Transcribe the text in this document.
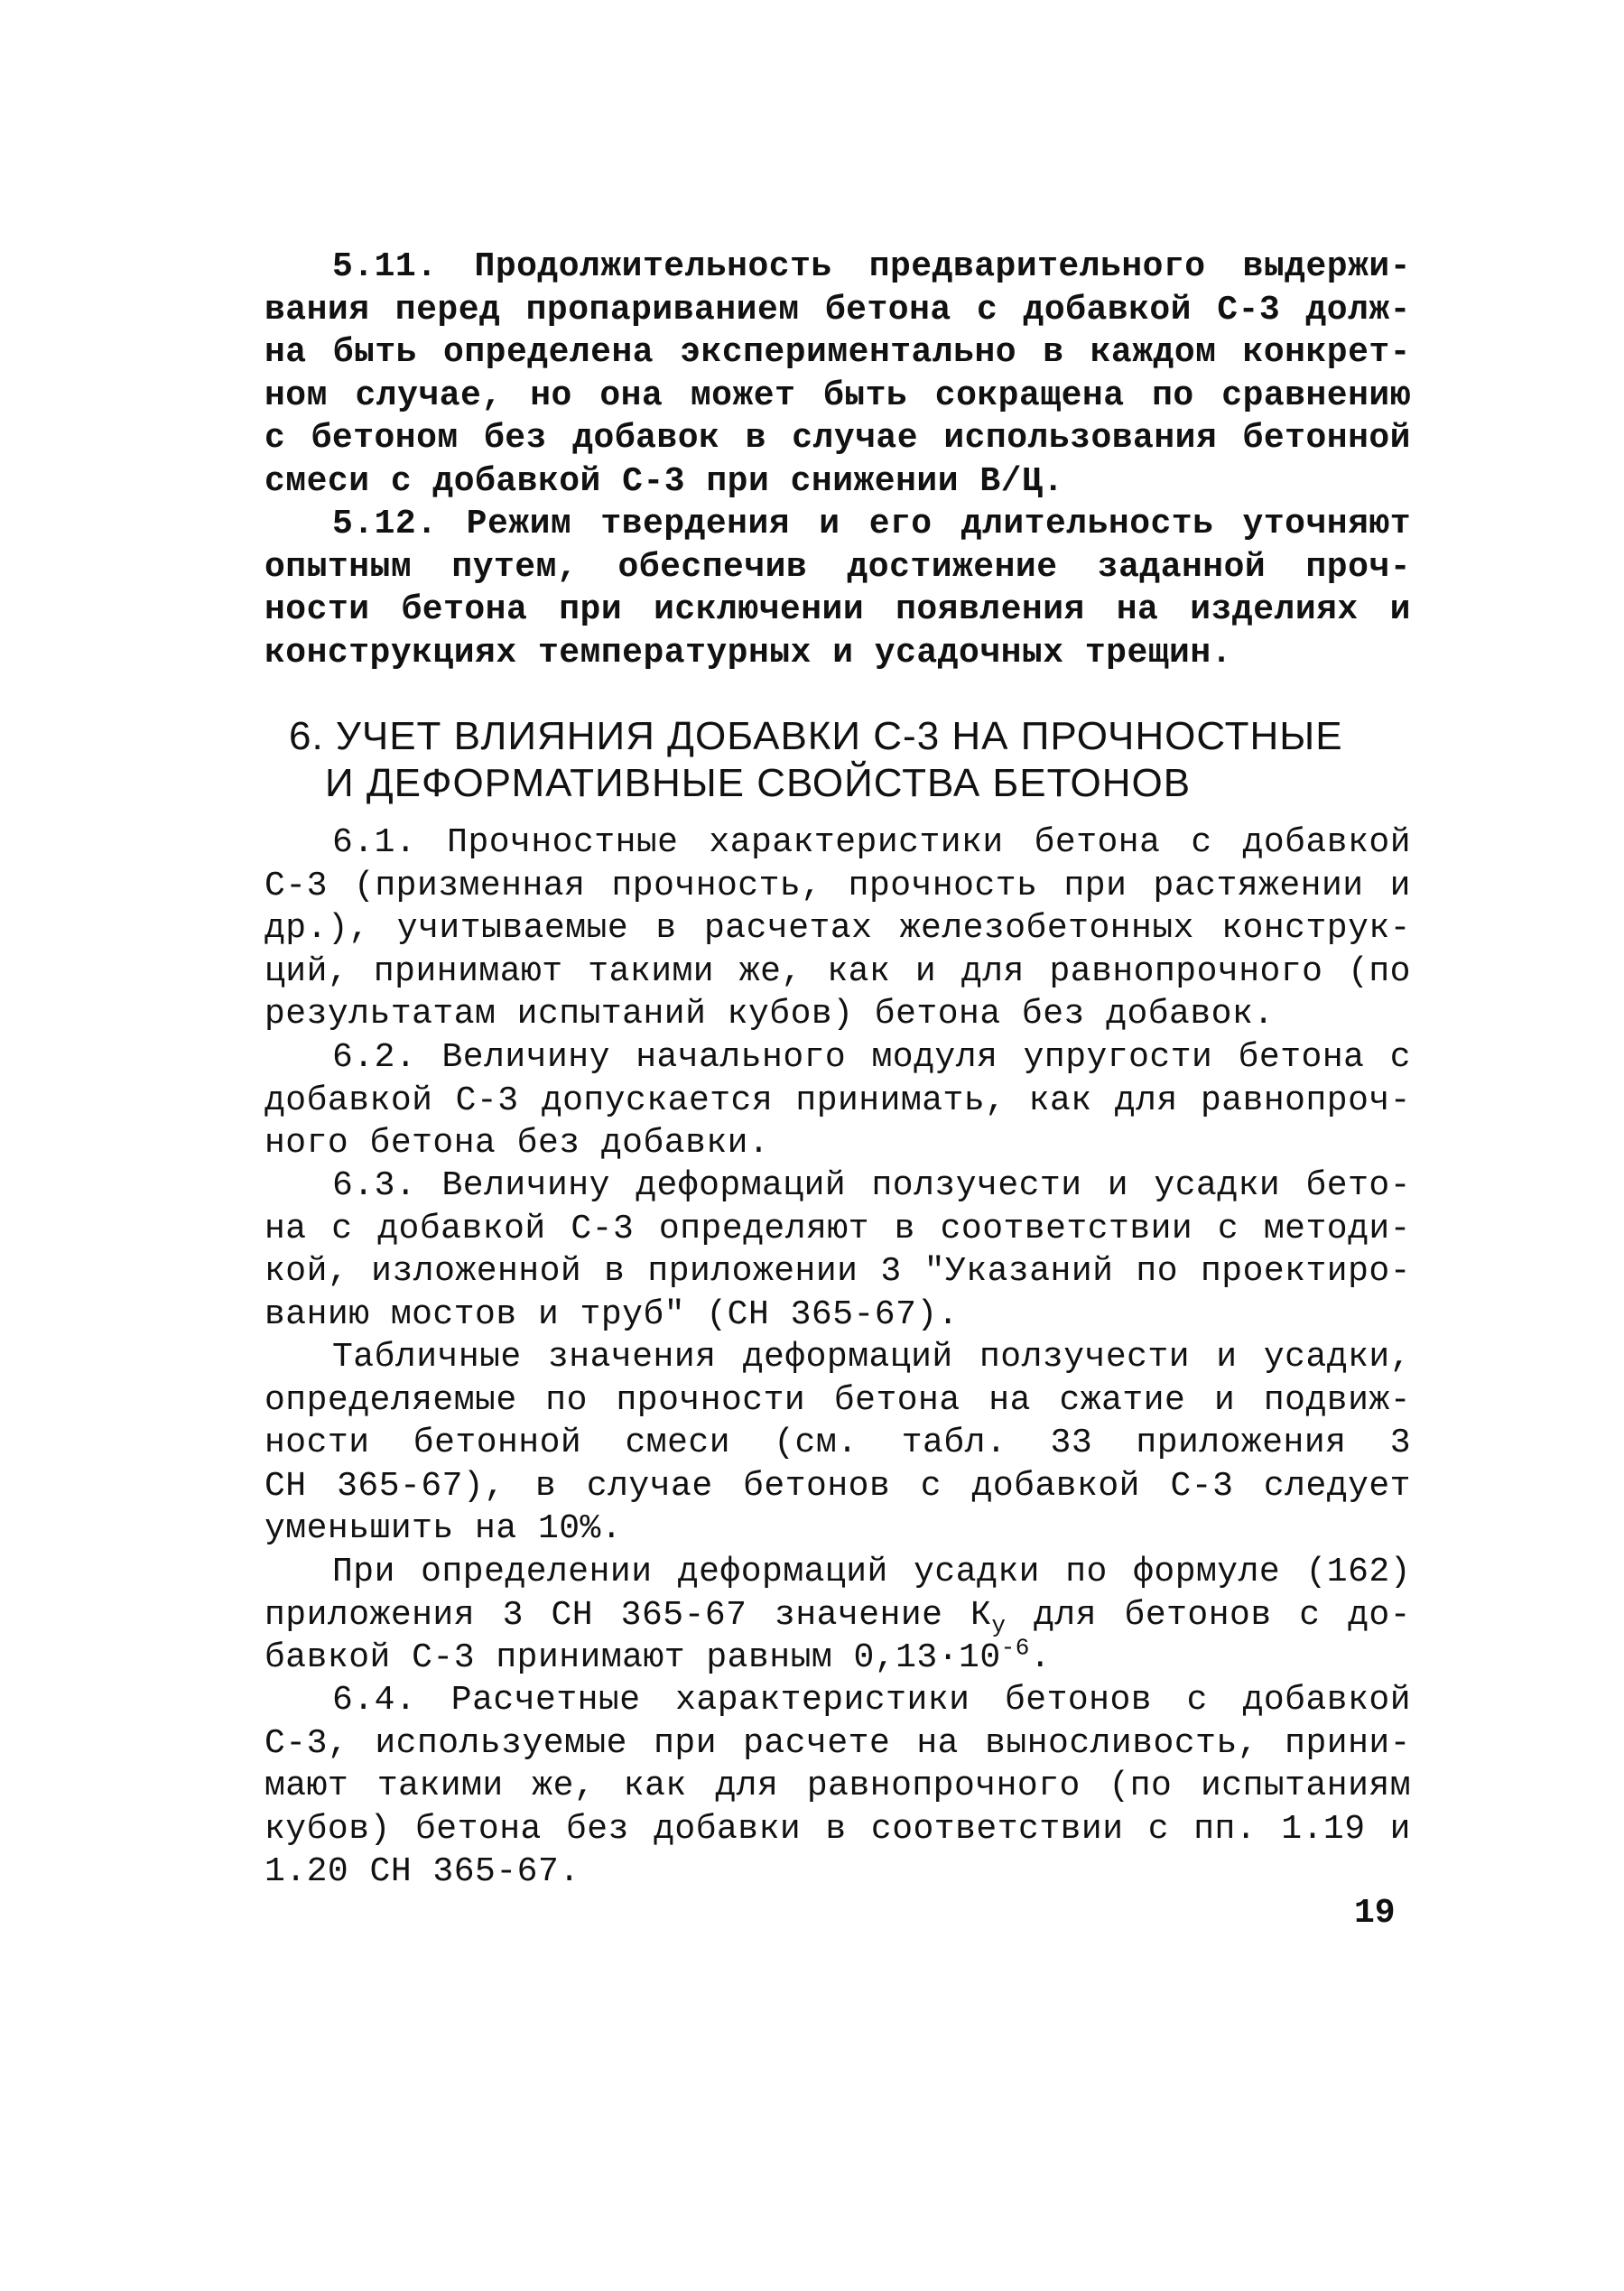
5.11. Продолжительность предварительного выдержи-
вания перед пропариванием бетона с добавкой С-3 долж-
на быть определена экспериментально в каждом конкрет-
ном случае, но она может быть сокращена по сравнению
с бетоном без добавок в случае использования бетонной
смеси с добавкой С-3 при снижении В/Ц.
5.12. Режим твердения и его длительность уточняют
опытным путем, обеспечив достижение заданной проч-
ности бетона при исключении появления на изделиях и
конструкциях температурных и усадочных трещин.
6. УЧЕТ ВЛИЯНИЯ ДОБАВКИ С-3 НА ПРОЧНОСТНЫЕ
И ДЕФОРМАТИВНЫЕ СВОЙСТВА БЕТОНОВ
6.1. Прочностные характеристики бетона с добавкой
С-3 (призменная прочность, прочность при растяжении и
др.), учитываемые в расчетах железобетонных конструк-
ций, принимают такими же, как и для равнопрочного (по
результатам испытаний кубов) бетона без добавок.
6.2. Величину начального модуля упругости бетона с
добавкой С-3 допускается принимать, как для равнопроч-
ного бетона без добавки.
6.3. Величину деформаций ползучести и усадки бето-
на с добавкой С-3 определяют в соответствии с методи-
кой, изложенной в приложении 3 "Указаний по проектиро-
ванию мостов и труб" (СН 365-67).
Табличные значения деформаций ползучести и усадки,
определяемые по прочности бетона на сжатие и подвиж-
ности бетонной смеси (см. табл. 33 приложения 3
СН 365-67), в случае бетонов с добавкой С-3 следует
уменьшить на 10%.
При определении деформаций усадки по формуле (162)
приложения 3 СН 365-67 значение $К_у$ для бетонов с до-
бавкой С-3 принимают равным $0,13\cdot 10^{-6}$.
6.4. Расчетные характеристики бетонов с добавкой
С-3, используемые при расчете на выносливость, прини-
мают такими же, как для равнопрочного (по испытаниям
кубов) бетона без добавки в соответствии с пп. 1.19 и
1.20 СН 365-67.
19
